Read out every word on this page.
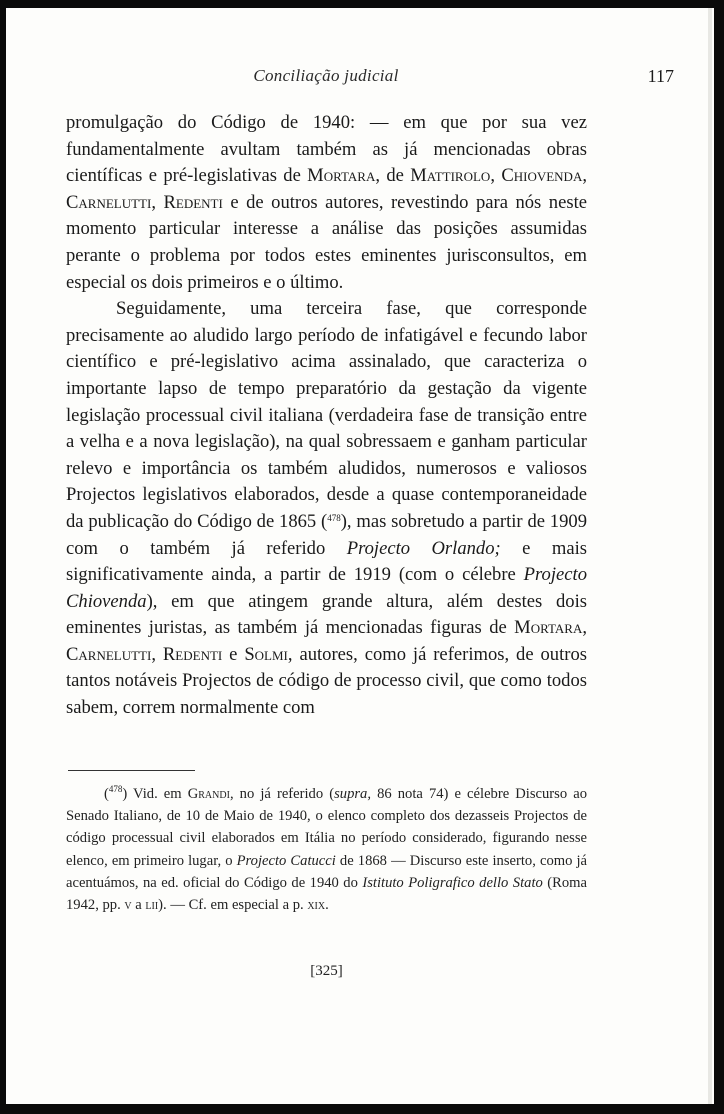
Conciliação judicial	117

promulgação do Código de 1940: — em que por sua vez fundamentalmente avultam também as já mencionadas obras científicas e pré-legislativas de Mortara, de Mattirolo, Chiovenda, Carnelutti, Redenti e de outros autores, revestindo para nós neste momento particular interesse a análise das posições assumidas perante o problema por todos estes eminentes jurisconsultos, em especial os dois primeiros e o último.

Seguidamente, uma terceira fase, que corresponde precisamente ao aludido largo período de infatigável e fecundo labor científico e pré-legislativo acima assinalado, que caracteriza o importante lapso de tempo preparatório da gestação da vigente legislação processual civil italiana (verdadeira fase de transição entre a velha e a nova legislação), na qual sobressaem e ganham particular relevo e importância os também aludidos, numerosos e valiosos Projectos legislativos elaborados, desde a quase contemporaneidade da publicação do Código de 1865 ($^{478}$), mas sobretudo a partir de 1909 com o também já referido Projecto Orlando; e mais significativamente ainda, a partir de 1919 (com o célebre Projecto Chiovenda), em que atingem grande altura, além destes dois eminentes juristas, as também já mencionadas figuras de Mortara, Carnelutti, Redenti e Solmi, autores, como já referimos, de outros tantos notáveis Projectos de código de processo civil, que como todos sabem, correm normalmente com

($^{478}$) Vid. em Grandi, no já referido (supra, 86 nota 74) e célebre Discurso ao Senado Italiano, de 10 de Maio de 1940, o elenco completo dos dezasseis Projectos de código processual civil elaborados em Itália no período considerado, figurando nesse elenco, em primeiro lugar, o Projecto Catucci de 1868 — Discurso este inserto, como já acentuámos, na ed. oficial do Código de 1940 do Istituto Poligrafico dello Stato (Roma 1942, pp. v a lii). — Cf. em especial a p. xix.

[325]
